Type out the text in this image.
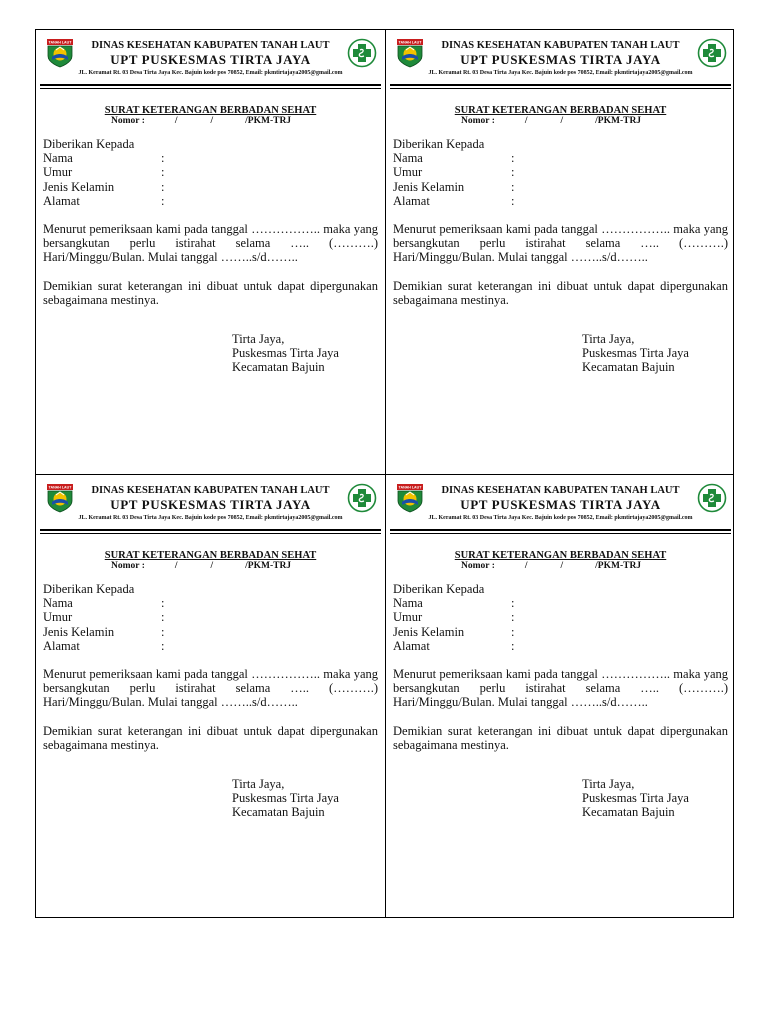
TANAH LAUT	DINAS KESEHATAN KABUPATEN TANAH LAUT
UPT PUSKESMAS TIRTA JAYA
JL. Keramat Rt. 03 Desa Tirta Jaya Kec. Bajuin kode pos 70852, Email: pkmtirtajaya2005@gmail.com
SURAT KETERANGAN BERBADAN SEHAT
Nomor :	/	/	/PKM-TRJ
Diberikan Kepada
Nama	:
Umur	:
Jenis Kelamin	:
Alamat	:
Menurut pemeriksaan kami pada tanggal …………….. maka yang bersangkutan perlu istirahat selama ….. (……….) Hari/Minggu/Bulan. Mulai tanggal ……..s/d……..
Demikian surat keterangan ini dibuat untuk dapat dipergunakan sebagaimana mestinya.
Tirta Jaya,
Puskesmas Tirta Jaya
Kecamatan Bajuin
TANAH LAUT	DINAS KESEHATAN KABUPATEN TANAH LAUT
UPT PUSKESMAS TIRTA JAYA
JL. Keramat Rt. 03 Desa Tirta Jaya Kec. Bajuin kode pos 70852, Email: pkmtirtajaya2005@gmail.com
SURAT KETERANGAN BERBADAN SEHAT
Nomor :	/	/	/PKM-TRJ
Diberikan Kepada
Nama	:
Umur	:
Jenis Kelamin	:
Alamat	:
Menurut pemeriksaan kami pada tanggal …………….. maka yang bersangkutan perlu istirahat selama ….. (……….) Hari/Minggu/Bulan. Mulai tanggal ……..s/d……..
Demikian surat keterangan ini dibuat untuk dapat dipergunakan sebagaimana mestinya.
Tirta Jaya,
Puskesmas Tirta Jaya
Kecamatan Bajuin
TANAH LAUT	DINAS KESEHATAN KABUPATEN TANAH LAUT
UPT PUSKESMAS TIRTA JAYA
JL. Keramat Rt. 03 Desa Tirta Jaya Kec. Bajuin kode pos 70852, Email: pkmtirtajaya2005@gmail.com
SURAT KETERANGAN BERBADAN SEHAT
Nomor :	/	/	/PKM-TRJ
Diberikan Kepada
Nama	:
Umur	:
Jenis Kelamin	:
Alamat	:
Menurut pemeriksaan kami pada tanggal …………….. maka yang bersangkutan perlu istirahat selama ….. (……….) Hari/Minggu/Bulan. Mulai tanggal ……..s/d……..
Demikian surat keterangan ini dibuat untuk dapat dipergunakan sebagaimana mestinya.
Tirta Jaya,
Puskesmas Tirta Jaya
Kecamatan Bajuin
TANAH LAUT	DINAS KESEHATAN KABUPATEN TANAH LAUT
UPT PUSKESMAS TIRTA JAYA
JL. Keramat Rt. 03 Desa Tirta Jaya Kec. Bajuin kode pos 70852, Email: pkmtirtajaya2005@gmail.com
SURAT KETERANGAN BERBADAN SEHAT
Nomor :	/	/	/PKM-TRJ
Diberikan Kepada
Nama	:
Umur	:
Jenis Kelamin	:
Alamat	:
Menurut pemeriksaan kami pada tanggal …………….. maka yang bersangkutan perlu istirahat selama ….. (……….) Hari/Minggu/Bulan. Mulai tanggal ……..s/d……..
Demikian surat keterangan ini dibuat untuk dapat dipergunakan sebagaimana mestinya.
Tirta Jaya,
Puskesmas Tirta Jaya
Kecamatan Bajuin
